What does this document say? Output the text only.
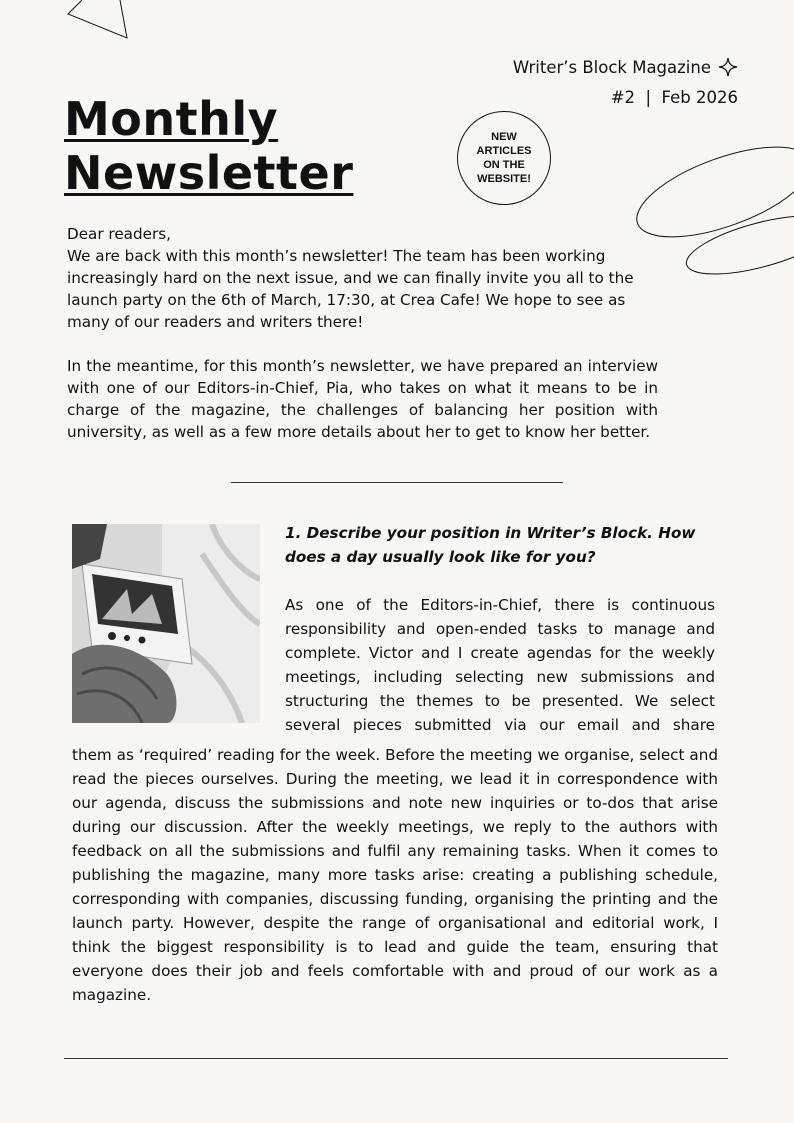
Writer’s Block Magazine
#2  |  Feb 2026
Monthly
Newsletter
NEW ARTICLES ON THE WEBSITE!

Dear readers,

We are back with this month’s newsletter! The team has been working increasingly hard on the next issue, and we can finally invite you all to the launch party on the 6th of March, 17:30, at Crea Cafe! We hope to see as many of our readers and writers there!

In the meantime, for this month’s newsletter, we have prepared an interview with one of our Editors-in-Chief, Pia, who takes on what it means to be in charge of the magazine, the challenges of balancing her position with university, as well as a few more details about her to get to know her better.

1. Describe your position in Writer’s Block. How does a day usually look like for you?

As one of the Editors-in-Chief, there is continuous responsibility and open-ended tasks to manage and complete. Victor and I create agendas for the weekly meetings, including selecting new submissions and structuring the themes to be presented. We select several pieces submitted via our email and share

them as ‘required’ reading for the week. Before the meeting we organise, select and read the pieces ourselves. During the meeting, we lead it in correspondence with our agenda, discuss the submissions and note new inquiries or to-dos that arise during our discussion. After the weekly meetings, we reply to the authors with feedback on all the submissions and fulfil any remaining tasks. When it comes to publishing the magazine, many more tasks arise: creating a publishing schedule, corresponding with companies, discussing funding, organising the printing and the launch party. However, despite the range of organisational and editorial work, I think the biggest responsibility is to lead and guide the team, ensuring that everyone does their job and feels comfortable with and proud of our work as a magazine.
